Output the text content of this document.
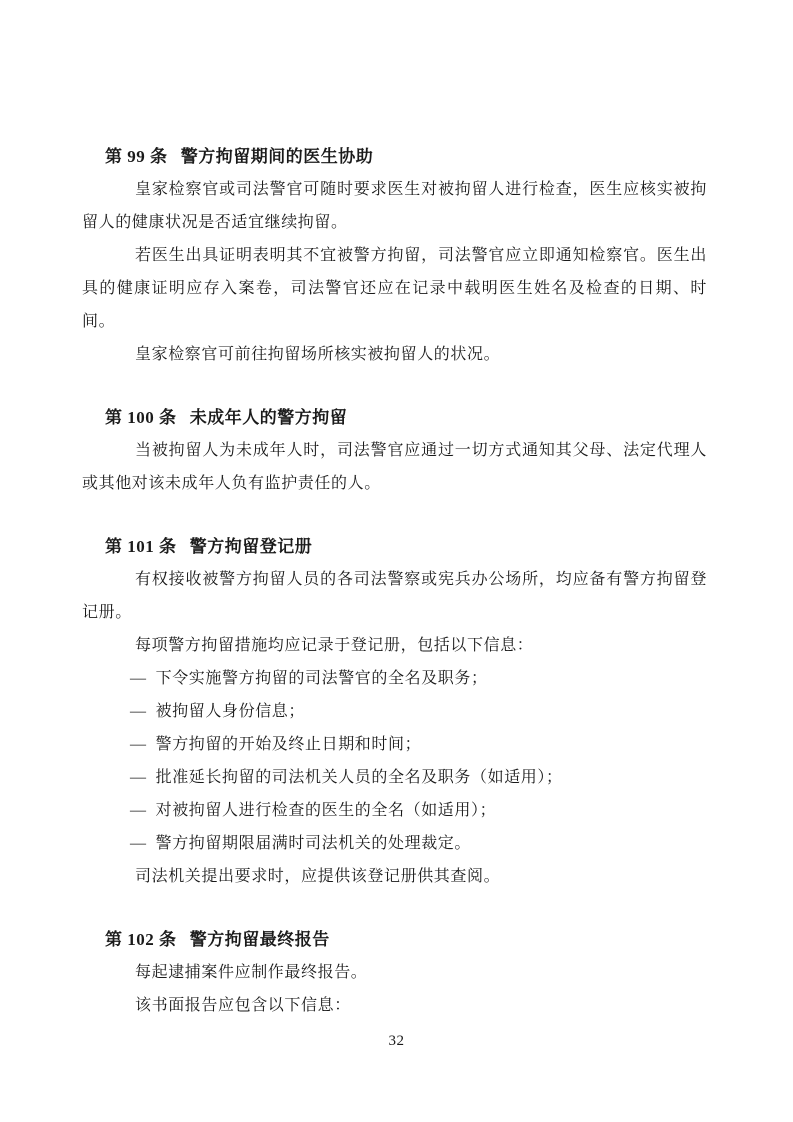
第 99 条 警方拘留期间的医生协助

皇家检察官或司法警官可随时要求医生对被拘留人进行检查，医生应核实被拘留人的健康状况是否适宜继续拘留。

若医生出具证明表明其不宜被警方拘留，司法警官应立即通知检察官。医生出具的健康证明应存入案卷，司法警官还应在记录中载明医生姓名及检查的日期、时间。

皇家检察官可前往拘留场所核实被拘留人的状况。

第 100 条 未成年人的警方拘留

当被拘留人为未成年人时，司法警官应通过一切方式通知其父母、法定代理人或其他对该未成年人负有监护责任的人。

第 101 条 警方拘留登记册

有权接收被警方拘留人员的各司法警察或宪兵办公场所，均应备有警方拘留登记册。

每项警方拘留措施均应记录于登记册，包括以下信息：

— 下令实施警方拘留的司法警官的全名及职务；
— 被拘留人身份信息；
— 警方拘留的开始及终止日期和时间；
— 批准延长拘留的司法机关人员的全名及职务（如适用）；
— 对被拘留人进行检查的医生的全名（如适用）；
— 警方拘留期限届满时司法机关的处理裁定。

司法机关提出要求时，应提供该登记册供其查阅。

第 102 条 警方拘留最终报告

每起逮捕案件应制作最终报告。

该书面报告应包含以下信息：

32
